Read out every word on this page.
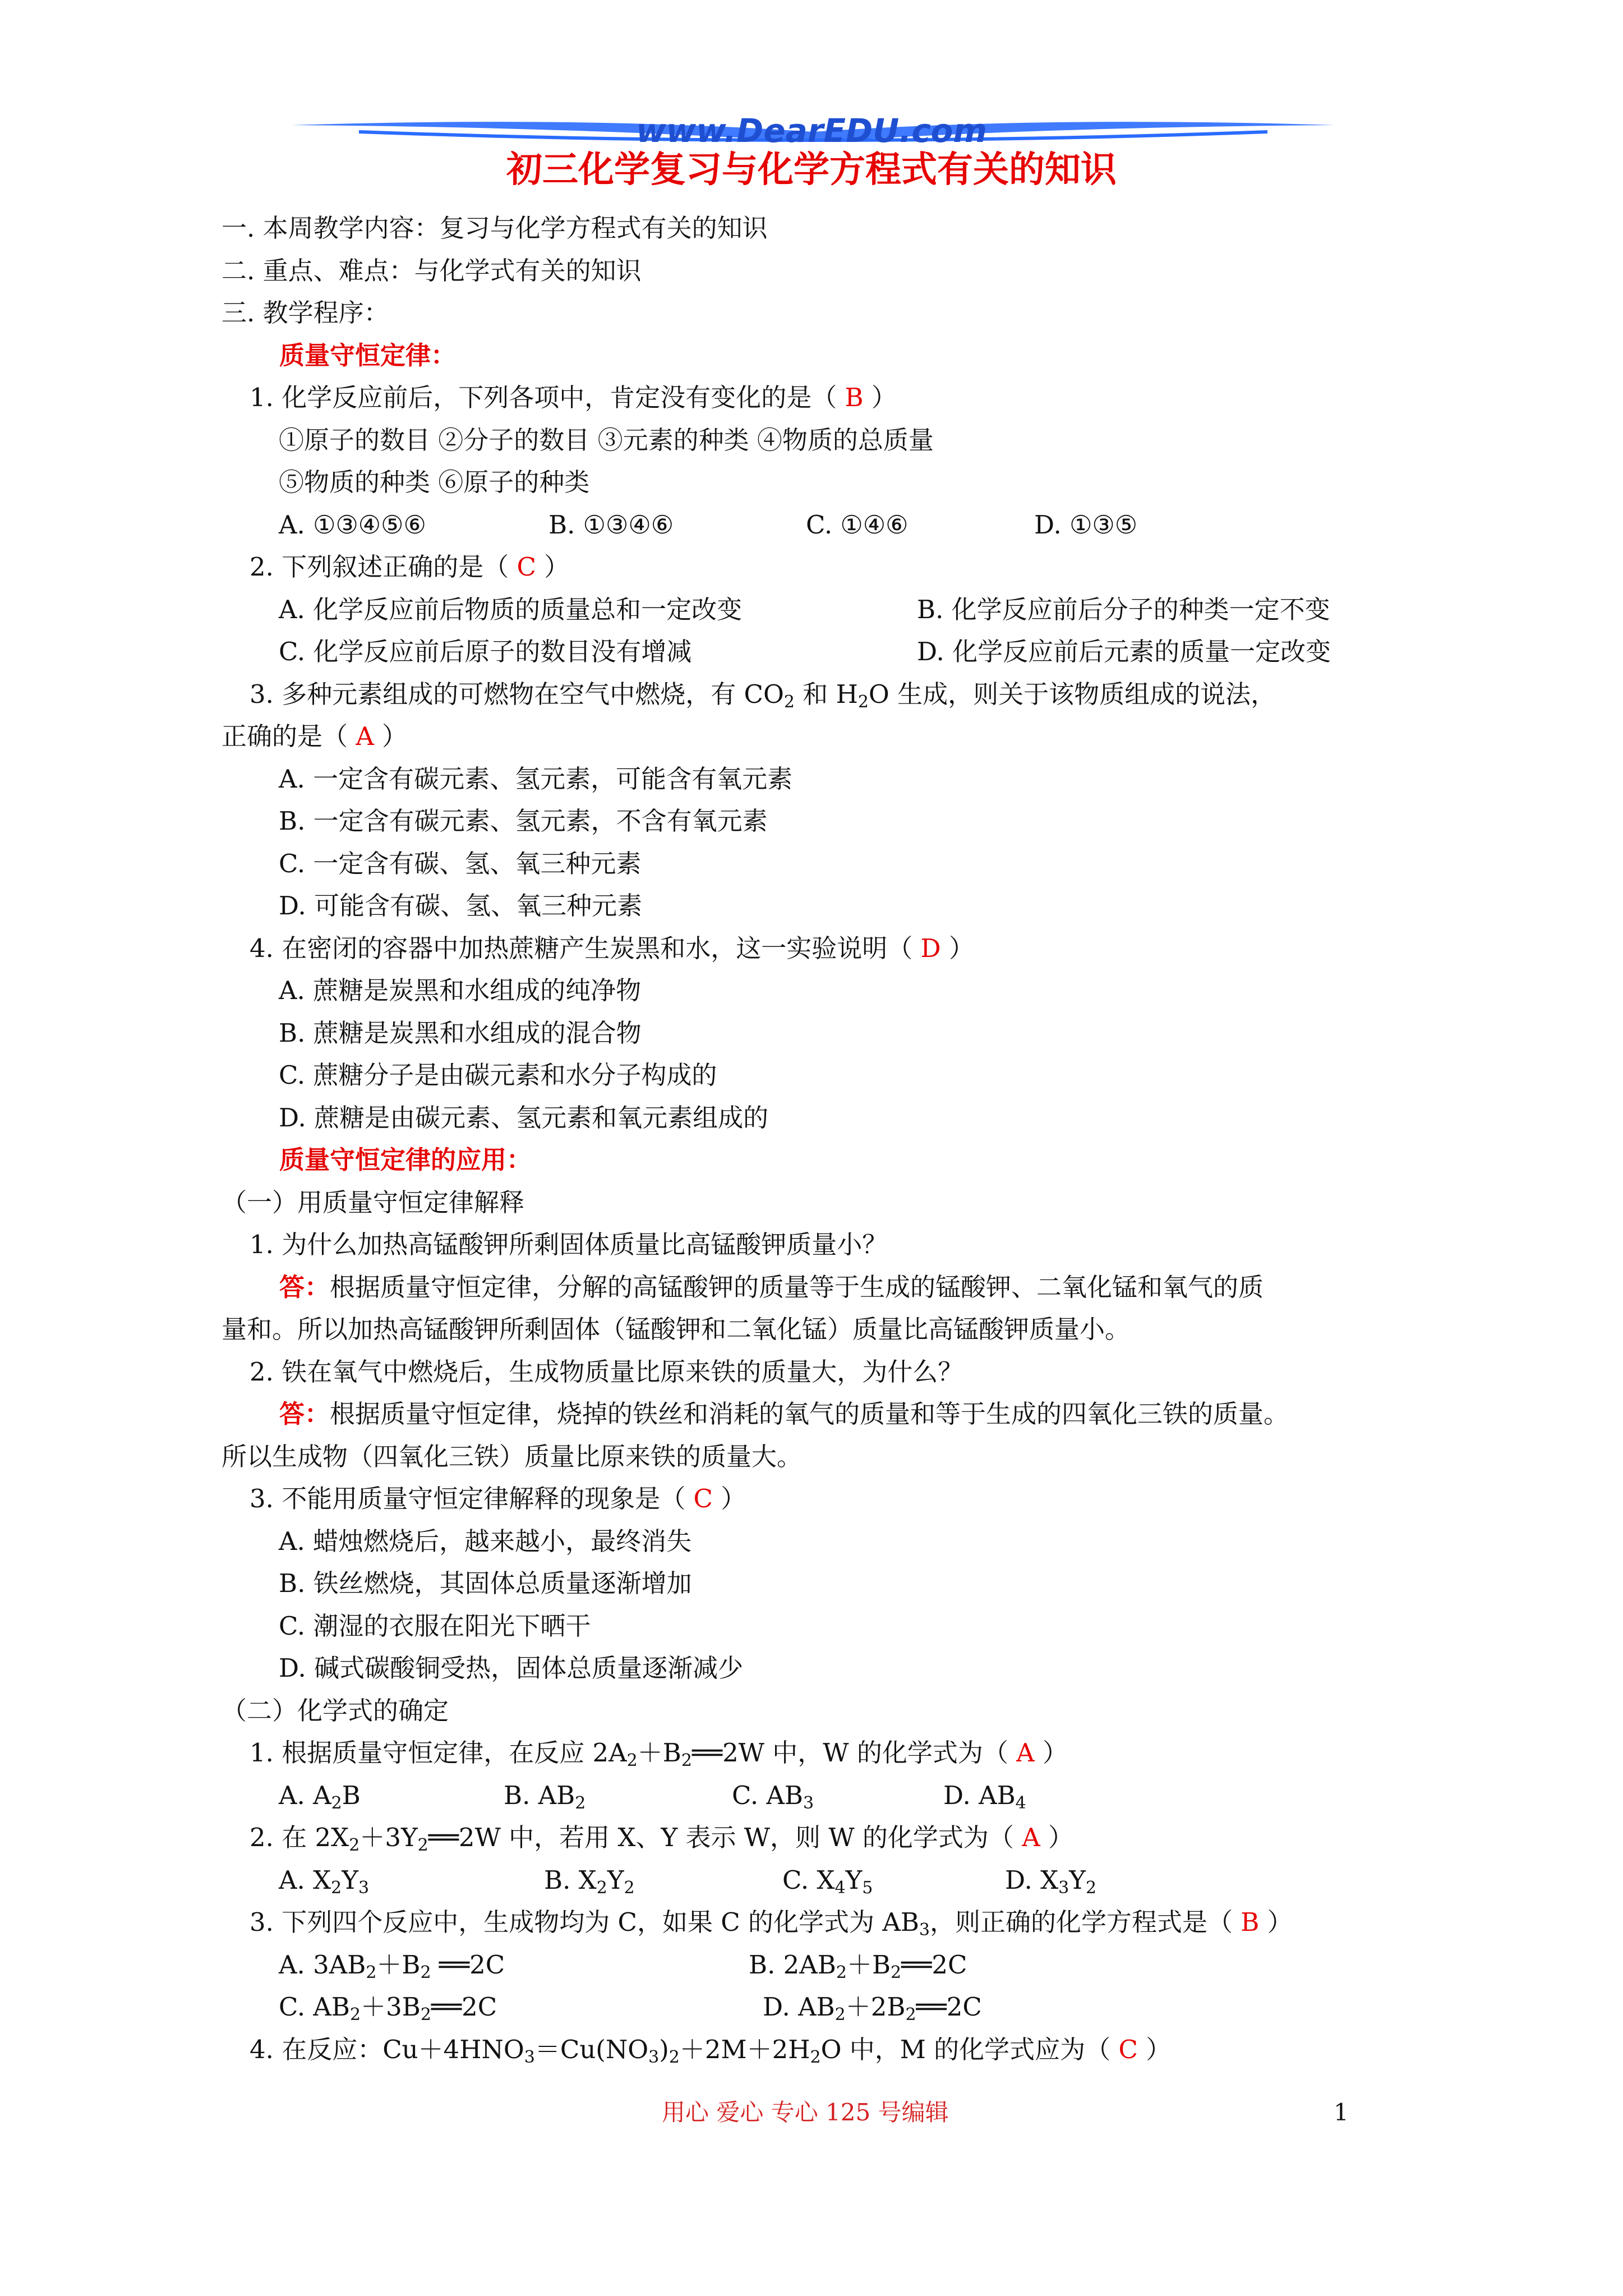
www.DearEDU.com
初三化学复习与化学方程式有关的知识
一. 本周教学内容：复习与化学方程式有关的知识
二. 重点、难点：与化学式有关的知识
三. 教学程序：
质量守恒定律：
1. 化学反应前后，下列各项中，肯定没有变化的是（ B ）
①原子的数目 ②分子的数目 ③元素的种类 ④物质的总质量
⑤物质的种类 ⑥原子的种类
A. ①③④⑤⑥	B. ①③④⑥	C. ①④⑥	D. ①③⑤
2. 下列叙述正确的是（ C ）
A. 化学反应前后物质的质量总和一定改变	B. 化学反应前后分子的种类一定不变
C. 化学反应前后原子的数目没有增减	D. 化学反应前后元素的质量一定改变
3. 多种元素组成的可燃物在空气中燃烧，有 $CO_2$ 和 $H_2O$ 生成，则关于该物质组成的说法，
正确的是（ A ）
A. 一定含有碳元素、氢元素，可能含有氧元素
B. 一定含有碳元素、氢元素，不含有氧元素
C. 一定含有碳、氢、氧三种元素
D. 可能含有碳、氢、氧三种元素
4. 在密闭的容器中加热蔗糖产生炭黑和水，这一实验说明（ D ）
A. 蔗糖是炭黑和水组成的纯净物
B. 蔗糖是炭黑和水组成的混合物
C. 蔗糖分子是由碳元素和水分子构成的
D. 蔗糖是由碳元素、氢元素和氧元素组成的
质量守恒定律的应用：
（一）用质量守恒定律解释
1. 为什么加热高锰酸钾所剩固体质量比高锰酸钾质量小？
答：根据质量守恒定律，分解的高锰酸钾的质量等于生成的锰酸钾、二氧化锰和氧气的质
量和。所以加热高锰酸钾所剩固体（锰酸钾和二氧化锰）质量比高锰酸钾质量小。
2. 铁在氧气中燃烧后，生成物质量比原来铁的质量大，为什么？
答：根据质量守恒定律，烧掉的铁丝和消耗的氧气的质量和等于生成的四氧化三铁的质量。
所以生成物（四氧化三铁）质量比原来铁的质量大。
3. 不能用质量守恒定律解释的现象是（ C ）
A. 蜡烛燃烧后，越来越小，最终消失
B. 铁丝燃烧，其固体总质量逐渐增加
C. 潮湿的衣服在阳光下晒干
D. 碱式碳酸铜受热，固体总质量逐渐减少
（二）化学式的确定
1. 根据质量守恒定律，在反应 $2A_2+B_2══2W$ 中，W 的化学式为（ A ）
A. $A_2B$	B. $AB_2$	C. $AB_3$	D. $AB_4$
2. 在 $2X_2+3Y_2══2W$ 中，若用 X、Y 表示 W，则 W 的化学式为（ A ）
A. $X_2Y_3$	B. $X_2Y_2$	C. $X_4Y_5$	D. $X_3Y_2$
3. 下列四个反应中，生成物均为 C，如果 C 的化学式为 $AB_3$，则正确的化学方程式是（ B ）
A. $3AB_2+B_2$ ══2C	B. $2AB_2+B_2══2C$
C. $AB_2+3B_2══2C$	D. $AB_2+2B_2══2C$
4. 在反应：$Cu+4HNO_3=Cu(NO_3)_2+2M+2H_2O$ 中，M 的化学式应为（ C ）
用心 爱心 专心 125 号编辑	1
